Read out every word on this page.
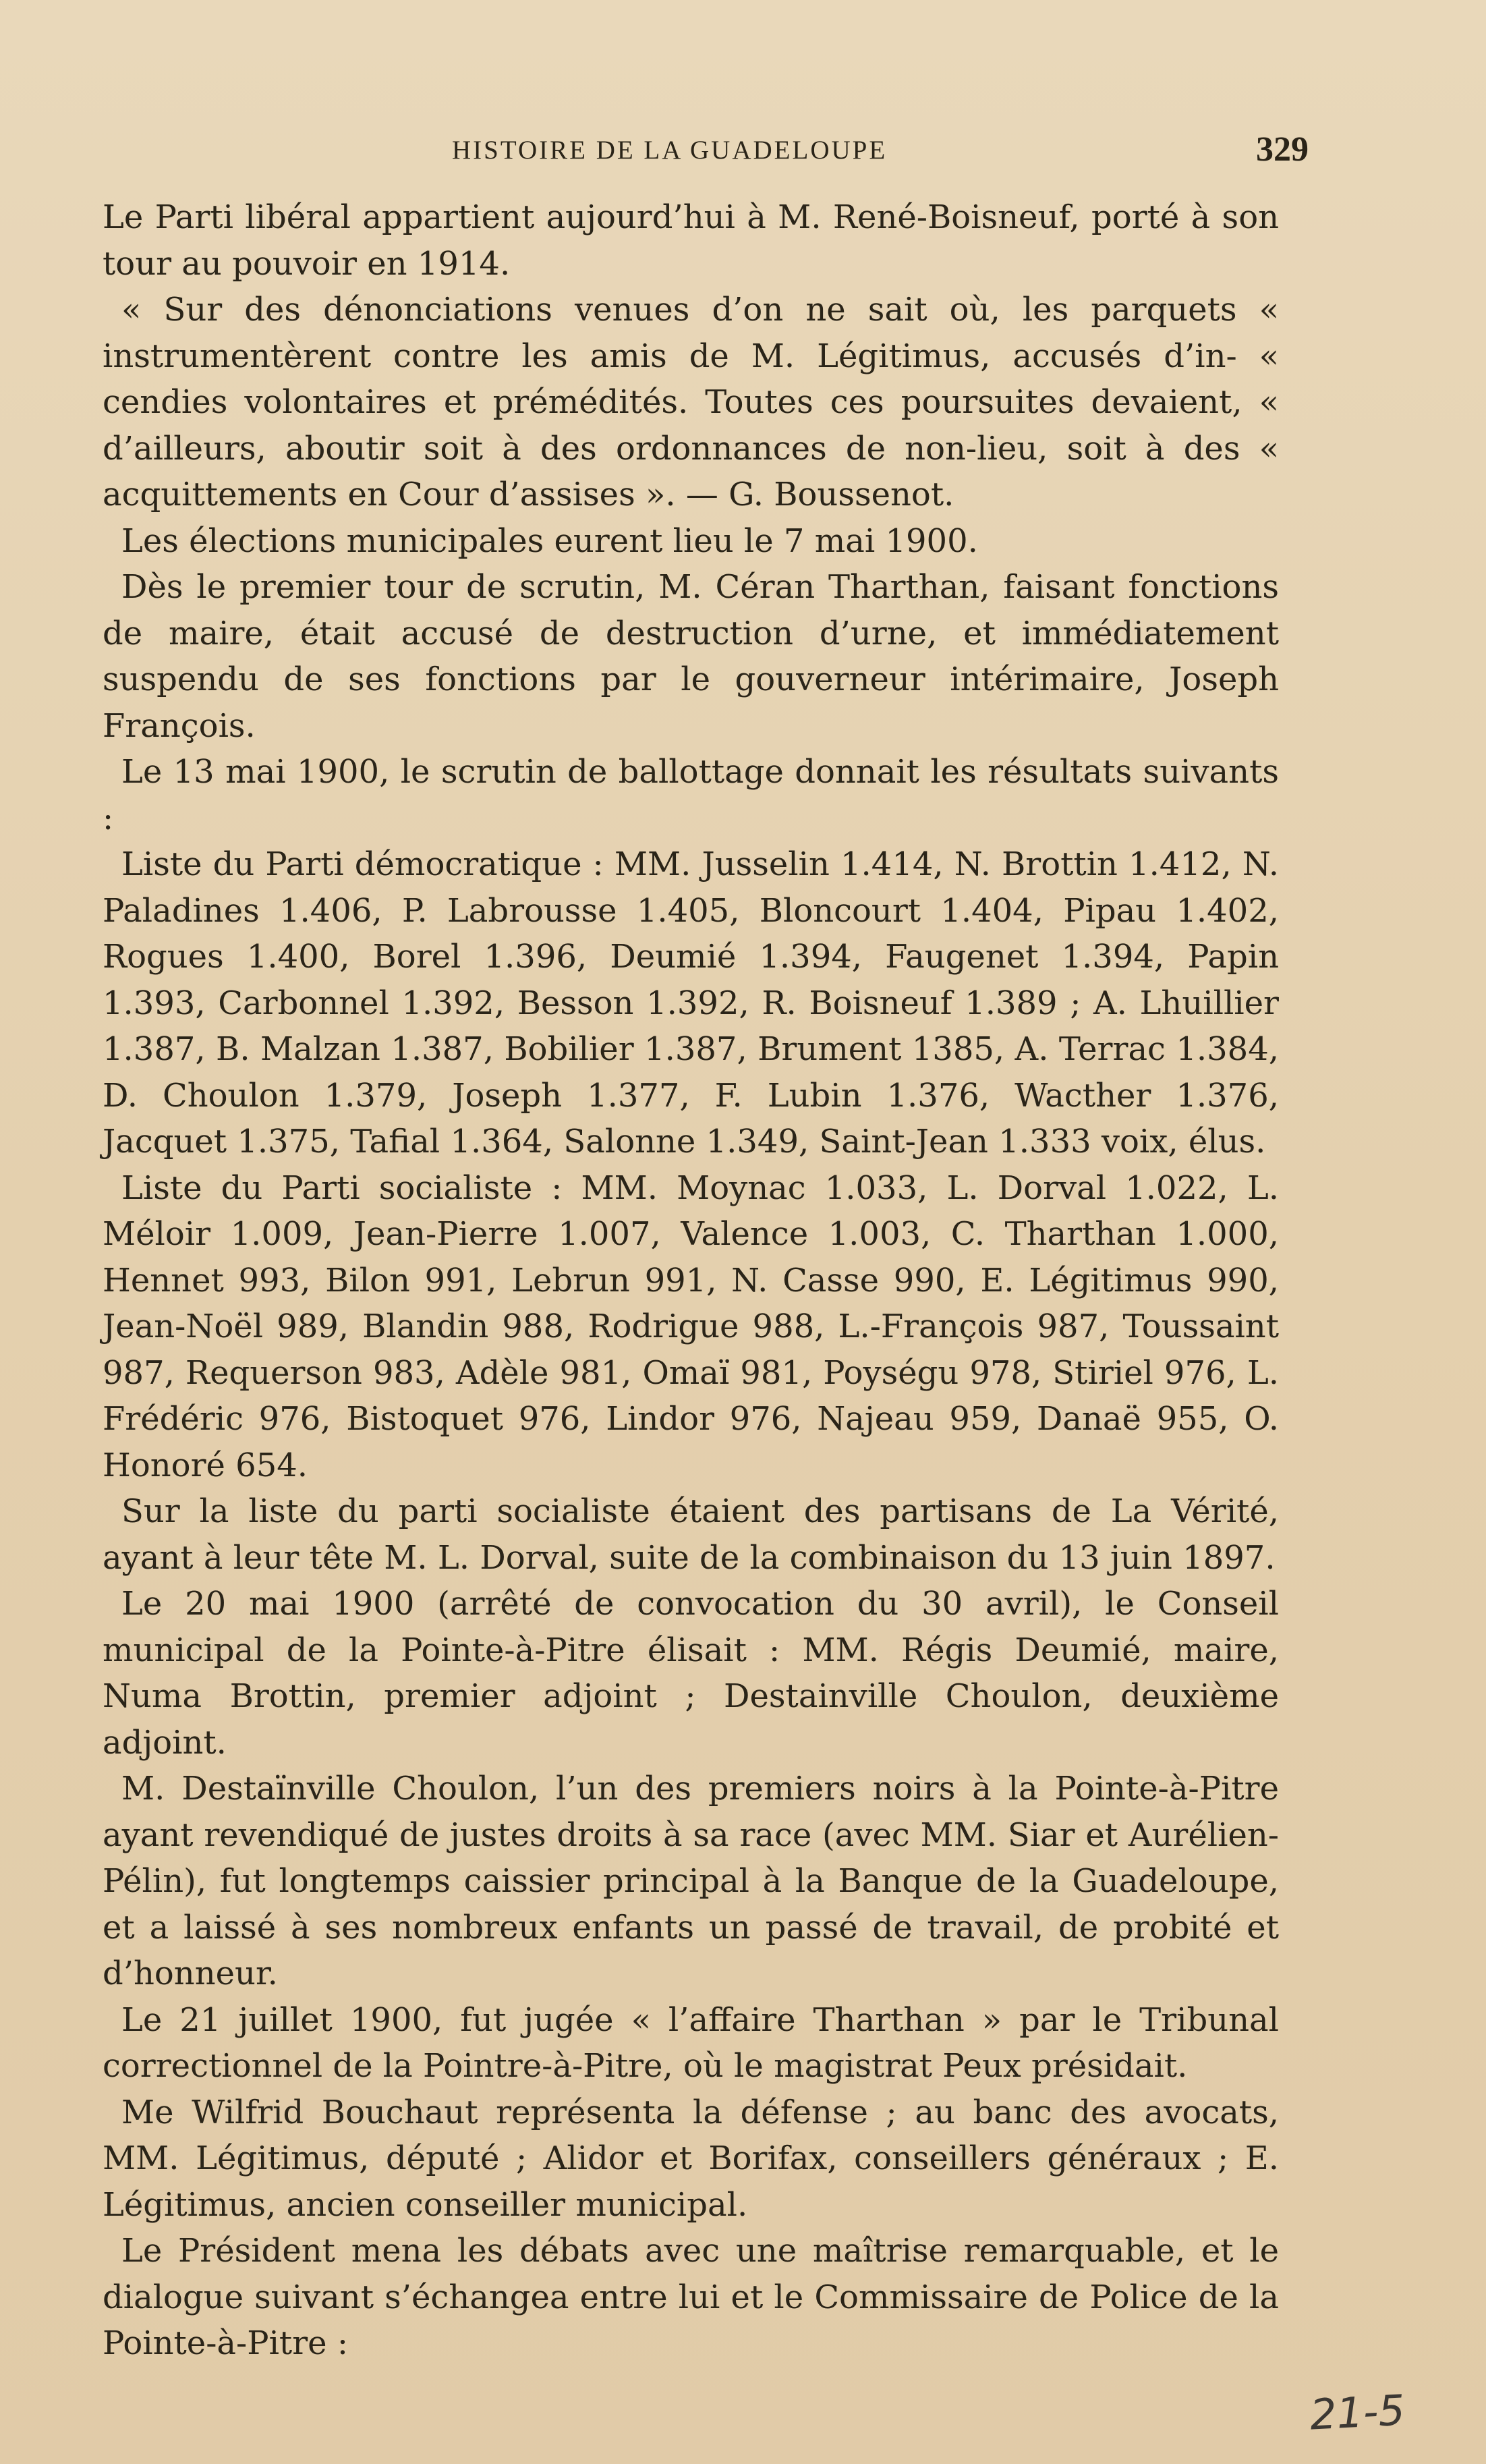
HISTOIRE DE LA GUADELOUPE	329

Le Parti libéral appartient aujourd’hui à M. René-Boisneuf, porté à son tour au pouvoir en 1914.

« Sur des dénonciations venues d’on ne sait où, les parquets « instrumentèrent contre les amis de M. Légitimus, accusés d’in- « cendies volontaires et prémédités. Toutes ces poursuites devaient, « d’ailleurs, aboutir soit à des ordonnances de non-lieu, soit à des « acquittements en Cour d’assises ». — G. Boussenot.

Les élections municipales eurent lieu le 7 mai 1900.

Dès le premier tour de scrutin, M. Céran Tharthan, faisant fonctions de maire, était accusé de destruction d’urne, et immédiatement suspendu de ses fonctions par le gouverneur intérimaire, Joseph François.

Le 13 mai 1900, le scrutin de ballottage donnait les résultats suivants :

Liste du Parti démocratique : MM. Jusselin 1.414, N. Brottin 1.412, N. Paladines 1.406, P. Labrousse 1.405, Bloncourt 1.404, Pipau 1.402, Rogues 1.400, Borel 1.396, Deumié 1.394, Faugenet 1.394, Papin 1.393, Carbonnel 1.392, Besson 1.392, R. Boisneuf 1.389 ; A. Lhuillier 1.387, B. Malzan 1.387, Bobilier 1.387, Brument 1385, A. Terrac 1.384, D. Choulon 1.379, Joseph 1.377, F. Lubin 1.376, Wacther 1.376, Jacquet 1.375, Tafial 1.364, Salonne 1.349, Saint-Jean 1.333 voix, élus.

Liste du Parti socialiste : MM. Moynac 1.033, L. Dorval 1.022, L. Méloir 1.009, Jean-Pierre 1.007, Valence 1.003, C. Tharthan 1.000, Hennet 993, Bilon 991, Lebrun 991, N. Casse 990, E. Légitimus 990, Jean-Noël 989, Blandin 988, Rodrigue 988, L.-François 987, Toussaint 987, Requerson 983, Adèle 981, Omaï 981, Poységu 978, Stiriel 976, L. Frédéric 976, Bistoquet 976, Lindor 976, Najeau 959, Danaë 955, O. Honoré 654.

Sur la liste du parti socialiste étaient des partisans de La Vérité, ayant à leur tête M. L. Dorval, suite de la combinaison du 13 juin 1897.

Le 20 mai 1900 (arrêté de convocation du 30 avril), le Conseil municipal de la Pointe-à-Pitre élisait : MM. Régis Deumié, maire, Numa Brottin, premier adjoint ; Destainville Choulon, deuxième adjoint.

M. Destaïnville Choulon, l’un des premiers noirs à la Pointe-à-Pitre ayant revendiqué de justes droits à sa race (avec MM. Siar et Aurélien-Pélin), fut longtemps caissier principal à la Banque de la Guadeloupe, et a laissé à ses nombreux enfants un passé de travail, de probité et d’honneur.

Le 21 juillet 1900, fut jugée « l’affaire Tharthan » par le Tribunal correctionnel de la Pointre-à-Pitre, où le magistrat Peux présidait.

Me Wilfrid Bouchaut représenta la défense ; au banc des avocats, MM. Légitimus, député ; Alidor et Borifax, conseillers généraux ; E. Légitimus, ancien conseiller municipal.

Le Président mena les débats avec une maîtrise remarquable, et le dialogue suivant s’échangea entre lui et le Commissaire de Police de la Pointe-à-Pitre :

21-5
